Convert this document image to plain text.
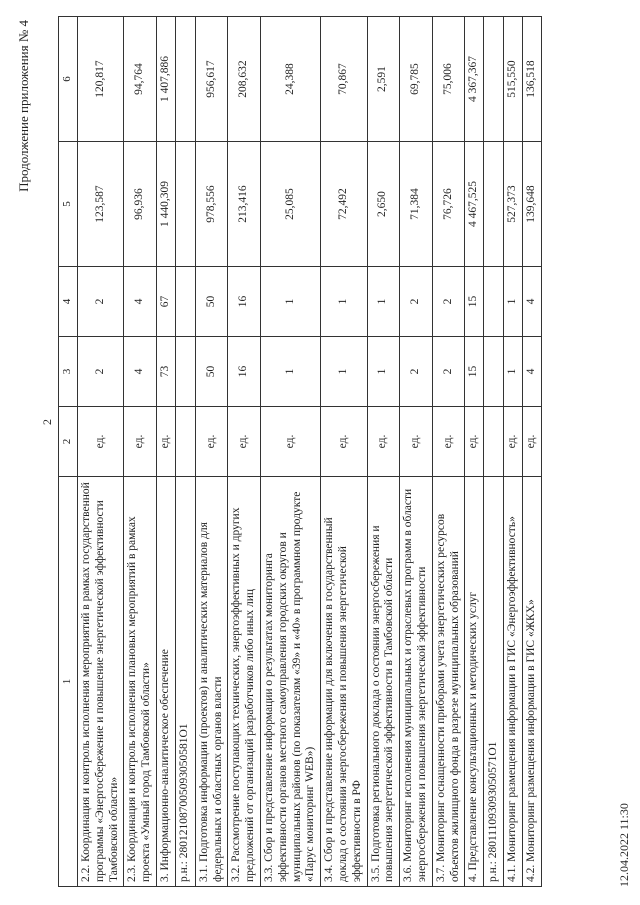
Продолжение приложения № 4
2
1	2	3	4	5	6
2.2. Координация и контроль исполнения мероприятий в рамках государственной программы «Энергосбережение и повышение энергетической эффективности Тамбовской области»	ед.	2	2	123,587	120,817
2.3. Координация и контроль исполнения плановых мероприятий в рамках проекта «Умный город Тамбовской области»	ед.	4	4	96,936	94,764
3. Информационно-аналитическое обеспечение	ед.	73	67	1 440,309	1 407,886
р.н.: 280121087005093050581O1					
3.1. Подготовка информации (проектов) и аналитических материалов для федеральных и областных органов власти	ед.	50	50	978,556	956,617
3.2. Рассмотрение поступающих технических, энергоэффективных и других предложений от организаций разработчиков либо иных лиц	ед.	16	16	213,416	208,632
3.3. Сбор и представление информации о результатах мониторинга эффективности органов местного самоуправления городских округов и муниципальных районов (по показателям «39» и «40» в программном продукте «Парус мониторинг WEB»)	ед.	1	1	25,085	24,388
3.4. Сбор и представление информации для включения в государственный доклад о состоянии энергосбережения и повышения энергетической эффективности в РФ	ед.	1	1	72,492	70,867
3.5. Подготовка регионального доклада о состоянии энергосбережения и повышения энергетической эффективности в Тамбовской области	ед.	1	1	2,650	2,591
3.6. Мониторинг исполнения муниципальных и отраслевых программ в области энергосбережения и повышения энергетической эффективности	ед.	2	2	71,384	69,785
3.7. Мониторинг оснащенности приборами учета энергетических ресурсов объектов жилищного фонда в разрезе муниципальных образований	ед.	2	2	76,726	75,006
4. Представление консультационных и методических услуг	ед.	15	15	4 467,525	4 367,367
р.н.: 280111093093050571O1					
4.1. Мониторинг размещения информации в ГИС «Энергоэффективность»	ед.	1	1	527,373	515,550
4.2. Мониторинг размещения информации в ГИС «ЖКХ»	ед.	4	4	139,648	136,518
12.04.2022 11:30
